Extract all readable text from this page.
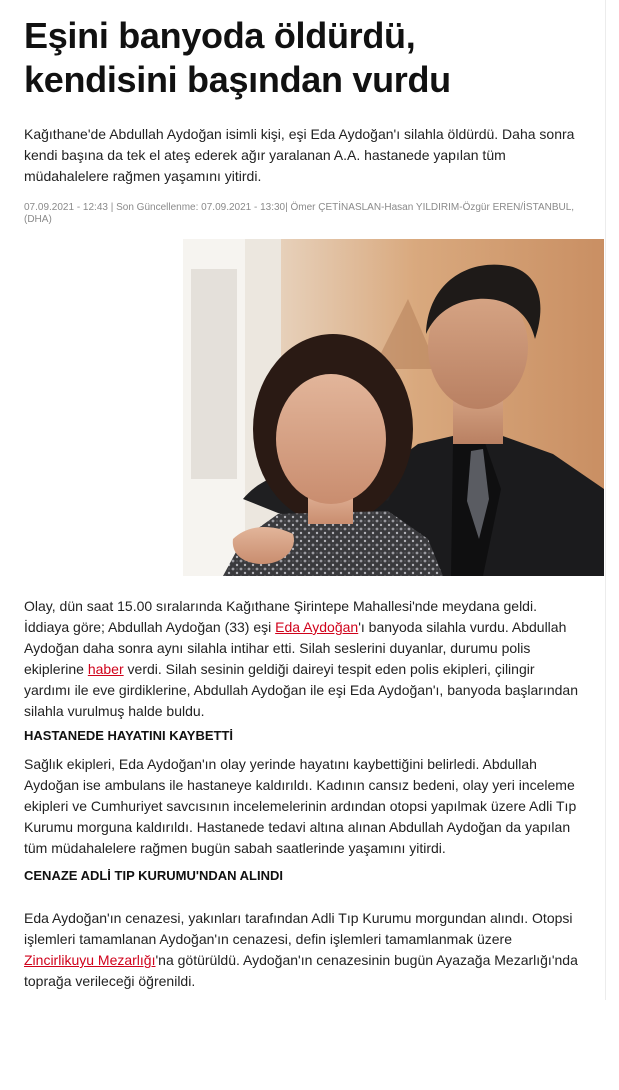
Eşini banyoda öldürdü,
kendisini başından vurdu

Kağıthane'de Abdullah Aydoğan isimli kişi, eşi Eda Aydoğan'ı silahla öldürdü. Daha sonra kendi başına da tek el ateş ederek ağır yaralanan A.A. hastanede yapılan tüm müdahalelere rağmen yaşamını yitirdi.

07.09.2021 - 12:43 | Son Güncellenme: 07.09.2021 - 13:30| Ömer ÇETİNASLAN-Hasan YILDIRIM-Özgür EREN/İSTANBUL, (DHA)

Olay, dün saat 15.00 sıralarında Kağıthane Şirintepe Mahallesi'nde meydana geldi. İddiaya göre; Abdullah Aydoğan (33) eşi Eda Aydoğan'ı banyoda silahla vurdu. Abdullah Aydoğan daha sonra aynı silahla intihar etti. Silah seslerini duyanlar, durumu polis ekiplerine haber verdi. Silah sesinin geldiği daireyi tespit eden polis ekipleri, çilingir yardımı ile eve girdiklerine, Abdullah Aydoğan ile eşi Eda Aydoğan'ı, banyoda başlarından silahla vurulmuş halde buldu.

HASTANEDE HAYATINI KAYBETTİ

Sağlık ekipleri, Eda Aydoğan'ın olay yerinde hayatını kaybettiğini belirledi. Abdullah Aydoğan ise ambulans ile hastaneye kaldırıldı. Kadının cansız bedeni, olay yeri inceleme ekipleri ve Cumhuriyet savcısının incelemelerinin ardından otopsi yapılmak üzere Adli Tıp Kurumu morguna kaldırıldı. Hastanede tedavi altına alınan Abdullah Aydoğan da yapılan tüm müdahalelere rağmen bugün sabah saatlerinde yaşamını yitirdi.

CENAZE ADLİ TIP KURUMU'NDAN ALINDI

Eda Aydoğan'ın cenazesi, yakınları tarafından Adli Tıp Kurumu morgundan alındı. Otopsi işlemleri tamamlanan Aydoğan'ın cenazesi, defin işlemleri tamamlanmak üzere
Zincirlikuyu Mezarlığı'na götürüldü. Aydoğan'ın cenazesinin bugün Ayazağa Mezarlığı'nda toprağa verileceği öğrenildi.
